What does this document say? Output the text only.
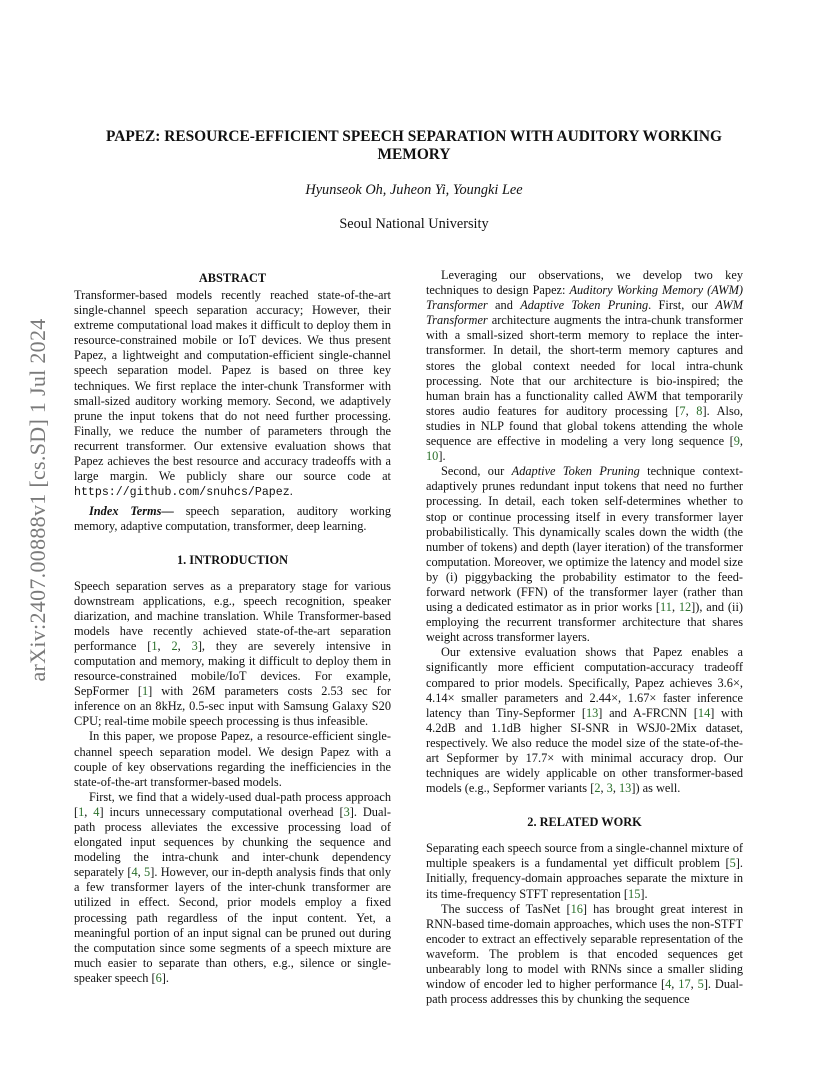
arXiv:2407.00888v1 [cs.SD] 1 Jul 2024
PAPEZ: RESOURCE-EFFICIENT SPEECH SEPARATION WITH AUDITORY WORKING MEMORY

Hyunseok Oh, Juheon Yi, Youngki Lee

Seoul National University

ABSTRACT

Transformer-based models recently reached state-of-the-art single-channel speech separation accuracy; However, their extreme computational load makes it difficult to deploy them in resource-constrained mobile or IoT devices. We thus present Papez, a lightweight and computation-efficient single-channel speech separation model. Papez is based on three key techniques. We first replace the inter-chunk Transformer with small-sized auditory working memory. Second, we adaptively prune the input tokens that do not need further processing. Finally, we reduce the number of parameters through the recurrent transformer. Our extensive evaluation shows that Papez achieves the best resource and accuracy tradeoffs with a large margin. We publicly share our source code at https://github.com/snuhcs/Papez.

Index Terms— speech separation, auditory working memory, adaptive computation, transformer, deep learning.

1. INTRODUCTION

Speech separation serves as a preparatory stage for various downstream applications, e.g., speech recognition, speaker diarization, and machine translation. While Transformer-based models have recently achieved state-of-the-art separation performance [1, 2, 3], they are severely intensive in computation and memory, making it difficult to deploy them in resource-constrained mobile/IoT devices. For example, SepFormer [1] with 26M parameters costs 2.53 sec for inference on an 8kHz, 0.5-sec input with Samsung Galaxy S20 CPU; real-time mobile speech processing is thus infeasible.

In this paper, we propose Papez, a resource-efficient single-channel speech separation model. We design Papez with a couple of key observations regarding the inefficiencies in the state-of-the-art transformer-based models.

First, we find that a widely-used dual-path process approach [1, 4] incurs unnecessary computational overhead [3]. Dual-path process alleviates the excessive processing load of elongated input sequences by chunking the sequence and modeling the intra-chunk and inter-chunk dependency separately [4, 5]. However, our in-depth analysis finds that only a few transformer layers of the inter-chunk transformer are utilized in effect. Second, prior models employ a fixed processing path regardless of the input content. Yet, a meaningful portion of an input signal can be pruned out during the computation since some segments of a speech mixture are much easier to separate than others, e.g., silence or single-speaker speech [6].

Leveraging our observations, we develop two key techniques to design Papez: Auditory Working Memory (AWM) Transformer and Adaptive Token Pruning. First, our AWM Transformer architecture augments the intra-chunk transformer with a small-sized short-term memory to replace the inter-transformer. In detail, the short-term memory captures and stores the global context needed for local intra-chunk processing. Note that our architecture is bio-inspired; the human brain has a functionality called AWM that temporarily stores audio features for auditory processing [7, 8]. Also, studies in NLP found that global tokens attending the whole sequence are effective in modeling a very long sequence [9, 10].

Second, our Adaptive Token Pruning technique context-adaptively prunes redundant input tokens that need no further processing. In detail, each token self-determines whether to stop or continue processing itself in every transformer layer probabilistically. This dynamically scales down the width (the number of tokens) and depth (layer iteration) of the transformer computation. Moreover, we optimize the latency and model size by (i) piggybacking the probability estimator to the feed-forward network (FFN) of the transformer layer (rather than using a dedicated estimator as in prior works [11, 12]), and (ii) employing the recurrent transformer architecture that shares weight across transformer layers.

Our extensive evaluation shows that Papez enables a significantly more efficient computation-accuracy tradeoff compared to prior models. Specifically, Papez achieves 3.6×, 4.14× smaller parameters and 2.44×, 1.67× faster inference latency than Tiny-Sepformer [13] and A-FRCNN [14] with 4.2dB and 1.1dB higher SI-SNR in WSJ0-2Mix dataset, respectively. We also reduce the model size of the state-of-the-art Sepformer by 17.7× with minimal accuracy drop. Our techniques are widely applicable on other transformer-based models (e.g., Sepformer variants [2, 3, 13]) as well.

2. RELATED WORK

Separating each speech source from a single-channel mixture of multiple speakers is a fundamental yet difficult problem [5]. Initially, frequency-domain approaches separate the mixture in its time-frequency STFT representation [15].

The success of TasNet [16] has brought great interest in RNN-based time-domain approaches, which uses the non-STFT encoder to extract an effectively separable representation of the waveform. The problem is that encoded sequences get unbearably long to model with RNNs since a smaller sliding window of encoder led to higher performance [4, 17, 5]. Dual-path process addresses this by chunking the sequence
